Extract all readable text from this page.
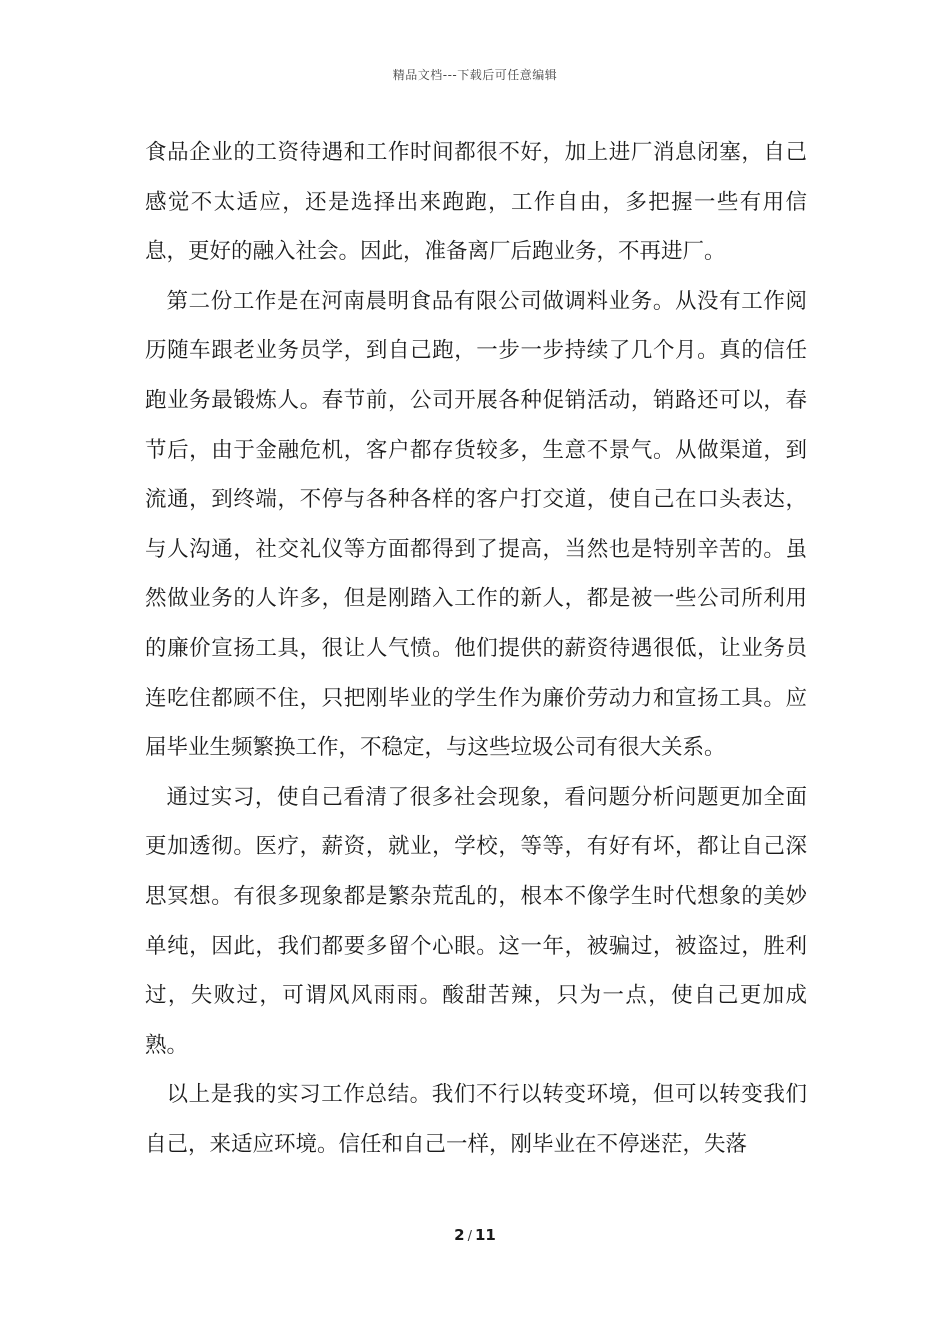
精品文档---下载后可任意编辑

食品企业的工资待遇和工作时间都很不好，加上进厂消息闭塞，自己感觉不太适应，还是选择出来跑跑，工作自由，多把握一些有用信息，更好的融入社会。因此，准备离厂后跑业务，不再进厂。

第二份工作是在河南晨明食品有限公司做调料业务。从没有工作阅历随车跟老业务员学，到自己跑，一步一步持续了几个月。真的信任跑业务最锻炼人。春节前，公司开展各种促销活动，销路还可以，春节后，由于金融危机，客户都存货较多，生意不景气。从做渠道，到流通，到终端，不停与各种各样的客户打交道，使自己在口头表达，与人沟通，社交礼仪等方面都得到了提高，当然也是特别辛苦的。虽然做业务的人许多，但是刚踏入工作的新人，都是被一些公司所利用的廉价宣扬工具，很让人气愤。他们提供的薪资待遇很低，让业务员连吃住都顾不住，只把刚毕业的学生作为廉价劳动力和宣扬工具。应届毕业生频繁换工作，不稳定，与这些垃圾公司有很大关系。

通过实习，使自己看清了很多社会现象，看问题分析问题更加全面更加透彻。医疗，薪资，就业，学校，等等，有好有坏，都让自己深思冥想。有很多现象都是繁杂荒乱的，根本不像学生时代想象的美妙单纯，因此，我们都要多留个心眼。这一年，被骗过，被盗过，胜利过，失败过，可谓风风雨雨。酸甜苦辣，只为一点，使自己更加成熟。

以上是我的实习工作总结。我们不行以转变环境，但可以转变我们自己，来适应环境。信任和自己一样，刚毕业在不停迷茫，失落

2 / 11
